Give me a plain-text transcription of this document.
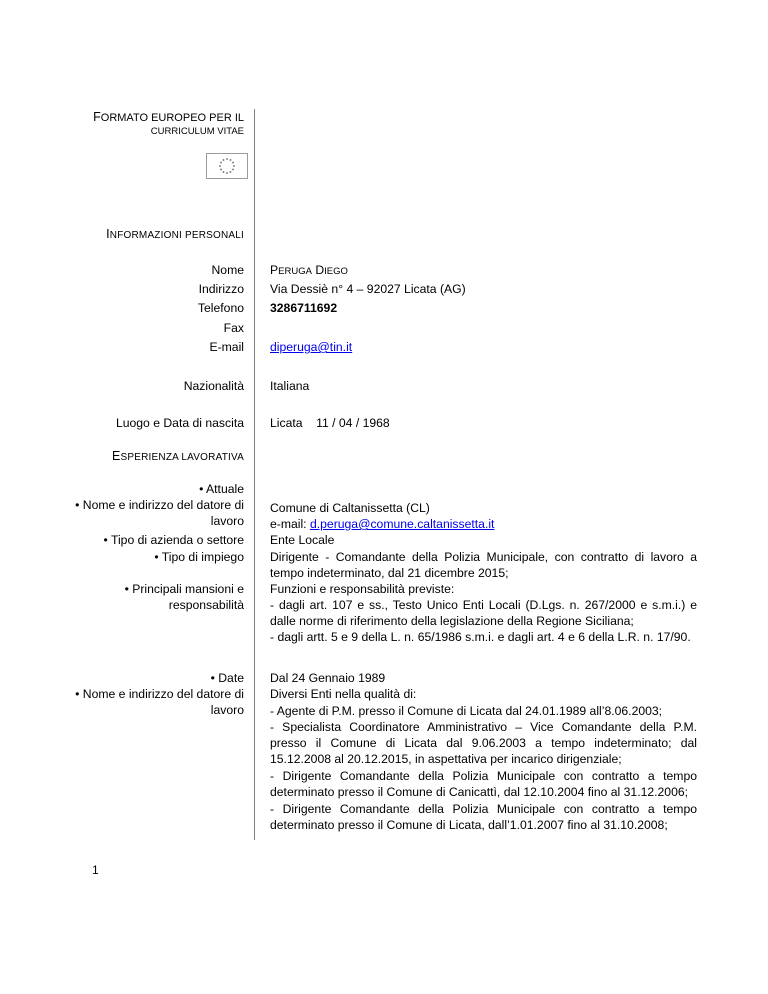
FORMATO EUROPEO PER IL
CURRICULUM VITAE
INFORMAZIONI PERSONALI
Nome PERUGA DIEGO
Indirizzo Via Dessiè n° 4 – 92027 Licata (AG)
Telefono 3286711692
Fax
E-mail diperuga@tin.it
Nazionalità Italiana
Luogo e Data di nascita Licata    11 / 04 / 1968
ESPERIENZA LAVORATIVA
• Attuale
• Nome e indirizzo del datore di lavoro
Comune di Caltanissetta (CL)
e-mail: d.peruga@comune.caltanissetta.it
• Tipo di azienda o settore Ente Locale
• Tipo di impiego Dirigente - Comandante della Polizia Municipale, con contratto di lavoro a tempo indeterminato, dal 21 dicembre 2015;
• Principali mansioni e responsabilità
Funzioni e responsabilità previste:
- dagli art. 107 e ss., Testo Unico Enti Locali (D.Lgs. n. 267/2000 e s.m.i.) e dalle norme di riferimento della legislazione della Regione Siciliana;
- dagli artt. 5 e 9 della L. n. 65/1986 s.m.i. e dagli art. 4 e 6 della L.R. n. 17/90.
• Date Dal 24 Gennaio 1989
• Nome e indirizzo del datore di lavoro
Diversi Enti nella qualità di:
- Agente di P.M. presso il Comune di Licata dal 24.01.1989 all’8.06.2003;
- Specialista Coordinatore Amministrativo – Vice Comandante della P.M. presso il Comune di Licata dal 9.06.2003 a tempo indeterminato; dal 15.12.2008 al 20.12.2015, in aspettativa per incarico dirigenziale;
- Dirigente Comandante della Polizia Municipale con contratto a tempo determinato presso il Comune di Canicattì, dal 12.10.2004 fino al 31.12.2006;
- Dirigente Comandante della Polizia Municipale con contratto a tempo determinato presso il Comune di Licata, dall’1.01.2007 fino al 31.10.2008;
1
